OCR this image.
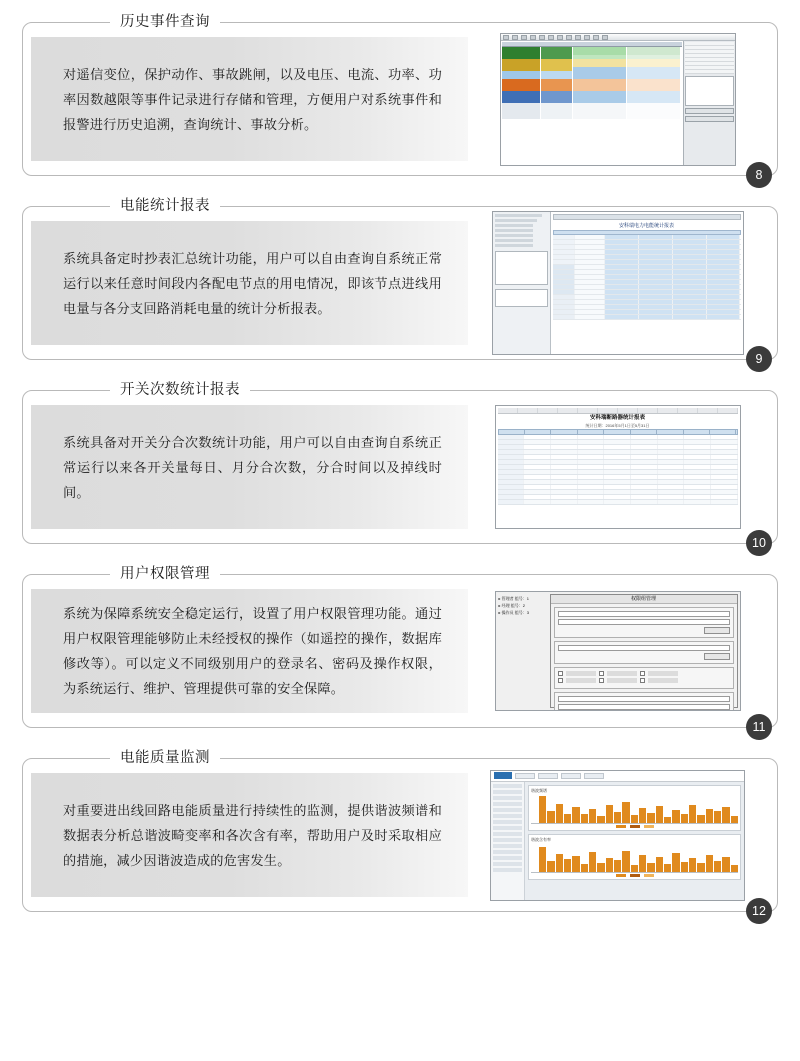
历史事件查询
对遥信变位，保护动作、事故跳闸，以及电压、电流、功率、功率因数越限等事件记录进行存储和管理，方便用户对系统事件和报警进行历史追溯，查询统计、事故分析。
8
电能统计报表
系统具备定时抄表汇总统计功能，用户可以自由查询自系统正常运行以来任意时间段内各配电节点的用电情况，即该节点进线用电量与各分支回路消耗电量的统计分析报表。
安科瑞电力电能统计报表
9
开关次数统计报表
系统具备对开关分合次数统计功能，用户可以自由查询自系统正常运行以来各开关量每日、月分合次数，分合时间以及掉线时间。
安科瑞断路器统计报表
统计日期：2016年5月1日至5月31日
10
用户权限管理
系统为保障系统安全稳定运行，设置了用户权限管理功能。通过用户权限管理能够防止未经授权的操作（如遥控的操作，数据库修改等）。可以定义不同级别用户的登录名、密码及操作权限，为系统运行、维护、管理提供可靠的安全保障。
▸ 管理者 组号：1
▸ 经理 组号：2
▸ 操作员 组号：3
权限组管理
11
电能质量监测
对重要进出线回路电能质量进行持续性的监测，提供谐波频谱和数据表分析总谐波畸变率和各次含有率，帮助用户及时采取相应的措施，减少因谐波造成的危害发生。
谐波频谱
谐波含有率
12
